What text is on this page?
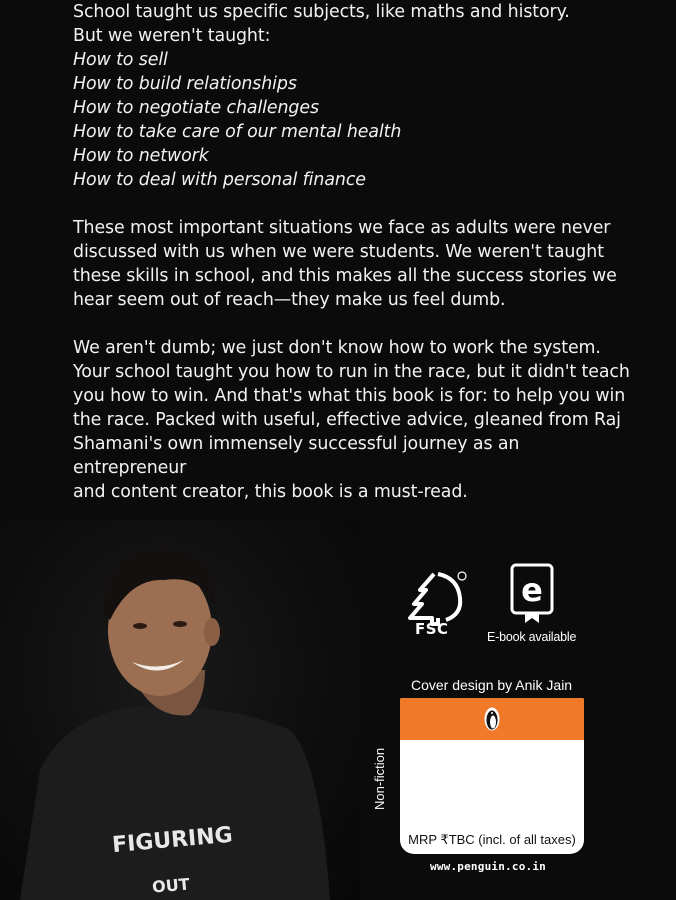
School taught us specific subjects, like maths and history.

But we weren't taught:

How to sell

How to build relationships

How to negotiate challenges

How to take care of our mental health

How to network

How to deal with personal finance

These most important situations we face as adults were never

discussed with us when we were students. We weren't taught

these skills in school, and this makes all the success stories we

hear seem out of reach—they make us feel dumb.

We aren't dumb; we just don't know how to work the system.

Your school taught you how to run in the race, but it didn't teach

you how to win. And that's what this book is for: to help you win

the race. Packed with useful, effective advice, gleaned from Raj

Shamani's own immensely successful journey as an entrepreneur

and content creator, this book is a must-read.

FIGURING
OUT
FSC
e
E-book available
Cover design by Anik Jain
Non-fiction
MRP ₹TBC (incl. of all taxes)
www.penguin.co.in
